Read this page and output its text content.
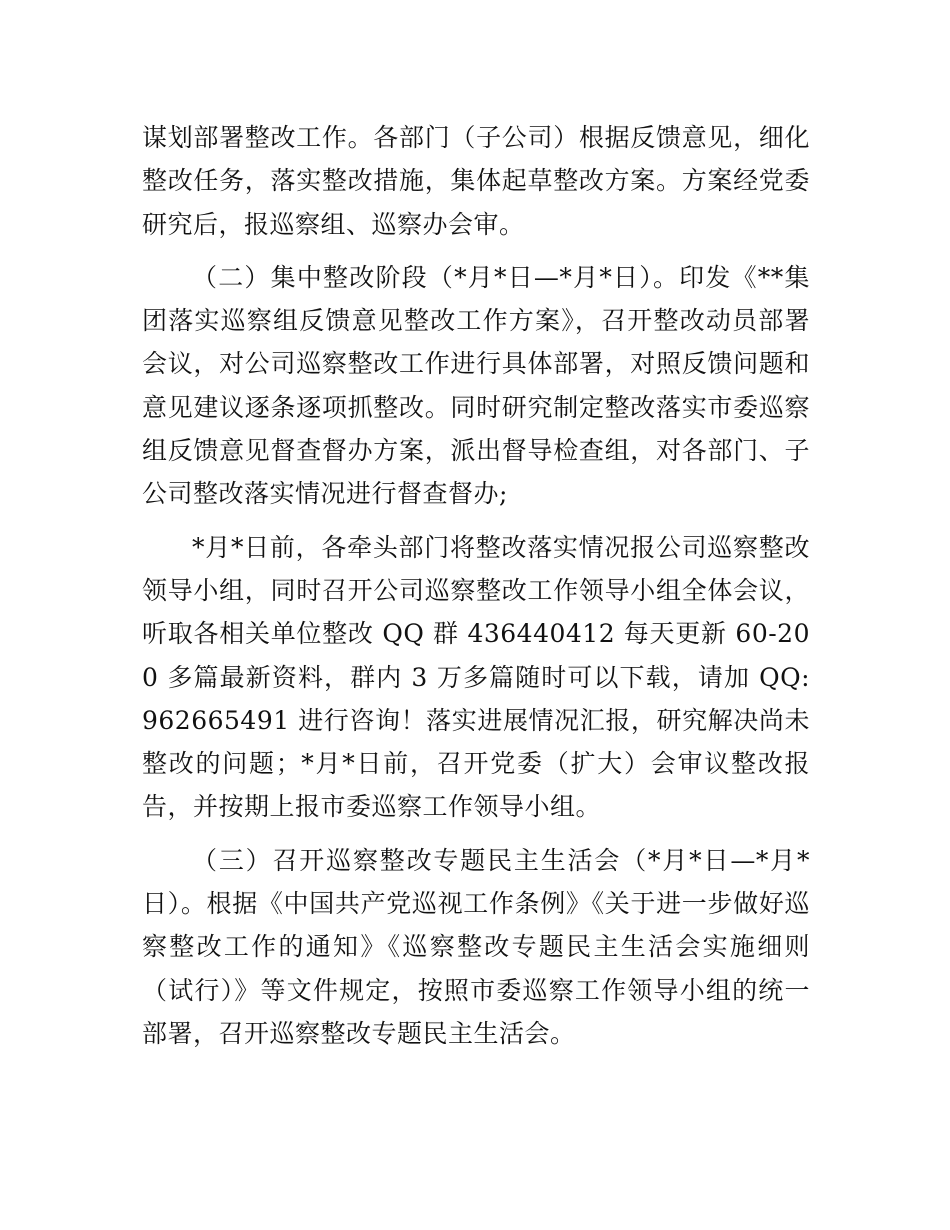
谋划部署整改工作。各部门（子公司）根据反馈意见，细化整改任务，落实整改措施，集体起草整改方案。方案经党委研究后，报巡察组、巡察办会审。

（二）集中整改阶段（*月*日—*月*日）。印发《**集团落实巡察组反馈意见整改工作方案》，召开整改动员部署会议，对公司巡察整改工作进行具体部署，对照反馈问题和意见建议逐条逐项抓整改。同时研究制定整改落实市委巡察组反馈意见督查督办方案，派出督导检查组，对各部门、子公司整改落实情况进行督查督办;

*月*日前，各牵头部门将整改落实情况报公司巡察整改领导小组，同时召开公司巡察整改工作领导小组全体会议，听取各相关单位整改 QQ 群 436440412 每天更新 60-200 多篇最新资料，群内 3 万多篇随时可以下载，请加 QQ: 962665491 进行咨询！落实进展情况汇报，研究解决尚未整改的问题；*月*日前，召开党委（扩大）会审议整改报告，并按期上报市委巡察工作领导小组。

（三）召开巡察整改专题民主生活会（*月*日—*月*日）。根据《中国共产党巡视工作条例》《关于进一步做好巡察整改工作的通知》《巡察整改专题民主生活会实施细则（试行）》等文件规定，按照市委巡察工作领导小组的统一部署，召开巡察整改专题民主生活会。
